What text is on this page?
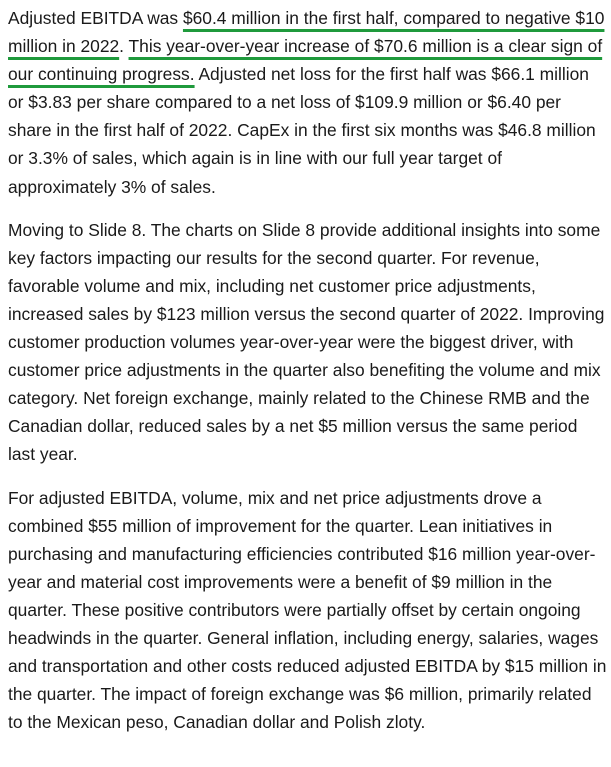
Adjusted EBITDA was $60.4 million in the first half, compared to negative $10 million in 2022. This year-over-year increase of $70.6 million is a clear sign of our continuing progress. Adjusted net loss for the first half was $66.1 million or $3.83 per share compared to a net loss of $109.9 million or $6.40 per share in the first half of 2022. CapEx in the first six months was $46.8 million or 3.3% of sales, which again is in line with our full year target of approximately 3% of sales.

Moving to Slide 8. The charts on Slide 8 provide additional insights into some key factors impacting our results for the second quarter. For revenue, favorable volume and mix, including net customer price adjustments, increased sales by $123 million versus the second quarter of 2022. Improving customer production volumes year-over-year were the biggest driver, with customer price adjustments in the quarter also benefiting the volume and mix category. Net foreign exchange, mainly related to the Chinese RMB and the Canadian dollar, reduced sales by a net $5 million versus the same period last year.

For adjusted EBITDA, volume, mix and net price adjustments drove a combined $55 million of improvement for the quarter. Lean initiatives in purchasing and manufacturing efficiencies contributed $16 million year-over-year and material cost improvements were a benefit of $9 million in the quarter. These positive contributors were partially offset by certain ongoing headwinds in the quarter. General inflation, including energy, salaries, wages and transportation and other costs reduced adjusted EBITDA by $15 million in the quarter. The impact of foreign exchange was $6 million, primarily related to the Mexican peso, Canadian dollar and Polish zloty.
